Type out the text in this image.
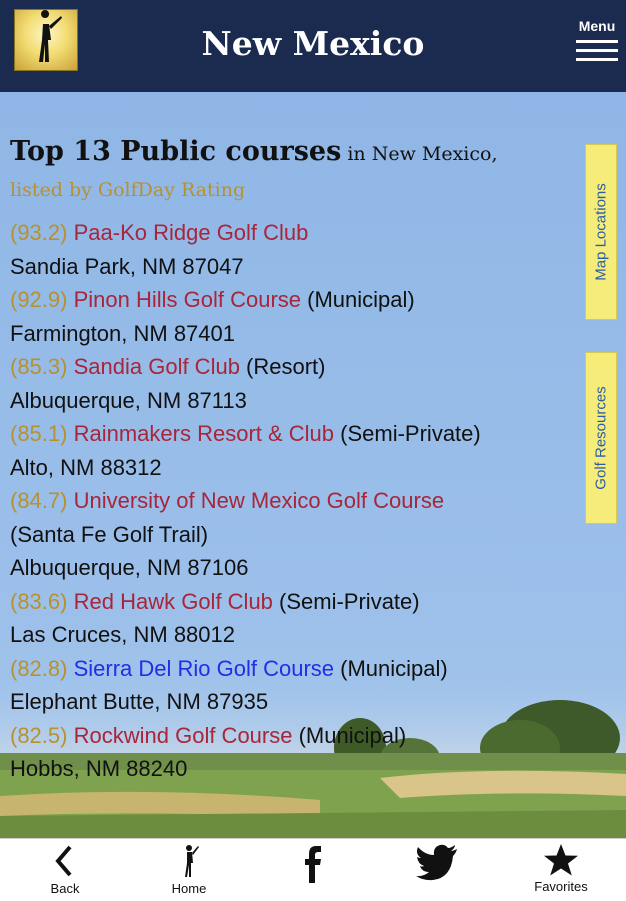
New Mexico	Menu
Top 13 Public courses in New Mexico,
listed by GolfDay Rating
(93.2) Paa-Ko Ridge Golf Club
Sandia Park, NM 87047
(92.9) Pinon Hills Golf Course (Municipal)
Farmington, NM 87401
(85.3) Sandia Golf Club (Resort)
Albuquerque, NM 87113
(85.1) Rainmakers Resort & Club (Semi-Private)
Alto, NM 88312
(84.7) University of New Mexico Golf Course
(Santa Fe Golf Trail)
Albuquerque, NM 87106
(83.6) Red Hawk Golf Club (Semi-Private)
Las Cruces, NM 88012
(82.8) Sierra Del Rio Golf Course (Municipal)
Elephant Butte, NM 87935
(82.5) Rockwind Golf Course (Municipal)
Hobbs, NM 88240
Map Locations
Golf Resources
Back	Home	Favorites
